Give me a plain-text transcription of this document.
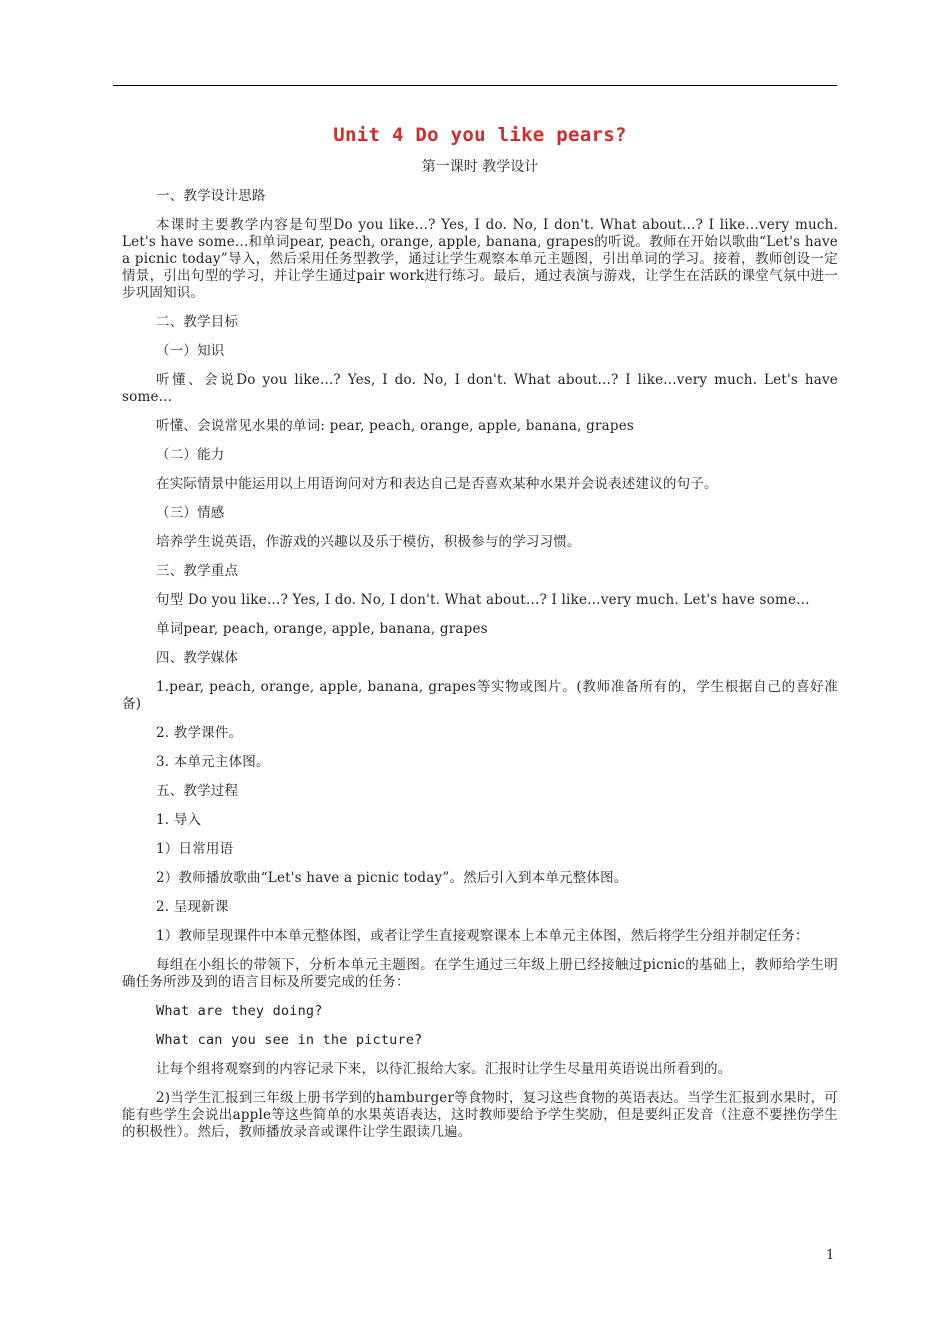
Unit 4 Do you like pears?
第一课时 教学设计

一、教学设计思路

本课时主要教学内容是句型Do you like...? Yes, I do. No, I don't. What about...? I like...very much. Let's have some...和单词pear, peach, orange, apple, banana, grapes的听说。教师在开始以歌曲“Let's have a picnic today”导入，然后采用任务型教学，通过让学生观察本单元主题图，引出单词的学习。接着，教师创设一定情景，引出句型的学习，并让学生通过pair work进行练习。最后，通过表演与游戏，让学生在活跃的课堂气氛中进一步巩固知识。

二、教学目标

（一）知识

听懂、会说Do you like...? Yes, I do. No, I don't. What about...? I like...very much. Let's have some...

听懂、会说常见水果的单词: pear, peach, orange, apple, banana, grapes

（二）能力

在实际情景中能运用以上用语询问对方和表达自己是否喜欢某种水果并会说表述建议的句子。

（三）情感

培养学生说英语，作游戏的兴趣以及乐于模仿，积极参与的学习习惯。

三、教学重点

句型 Do you like…? Yes, I do. No, I don't. What about…? I like…very much. Let's have some…

单词pear, peach, orange, apple, banana, grapes

四、教学媒体

1.pear, peach, orange, apple, banana, grapes等实物或图片。(教师准备所有的，学生根据自己的喜好准备)

2. 教学课件。

3. 本单元主体图。

五、教学过程

1. 导入

1）日常用语

2）教师播放歌曲“Let's have a picnic today”。然后引入到本单元整体图。

2. 呈现新课

1）教师呈现课件中本单元整体图，或者让学生直接观察课本上本单元主体图，然后将学生分组并制定任务：

每组在小组长的带领下，分析本单元主题图。在学生通过三年级上册已经接触过picnic的基础上，教师给学生明确任务所涉及到的语言目标及所要完成的任务：

What are they doing?

What can you see in the picture?

让每个组将观察到的内容记录下来，以待汇报给大家。汇报时让学生尽量用英语说出所看到的。

2)当学生汇报到三年级上册书学到的hamburger等食物时，复习这些食物的英语表达。当学生汇报到水果时，可能有些学生会说出apple等这些简单的水果英语表达，这时教师要给予学生奖励，但是要纠正发音（注意不要挫伤学生的积极性）。然后，教师播放录音或课件让学生跟读几遍。

1
